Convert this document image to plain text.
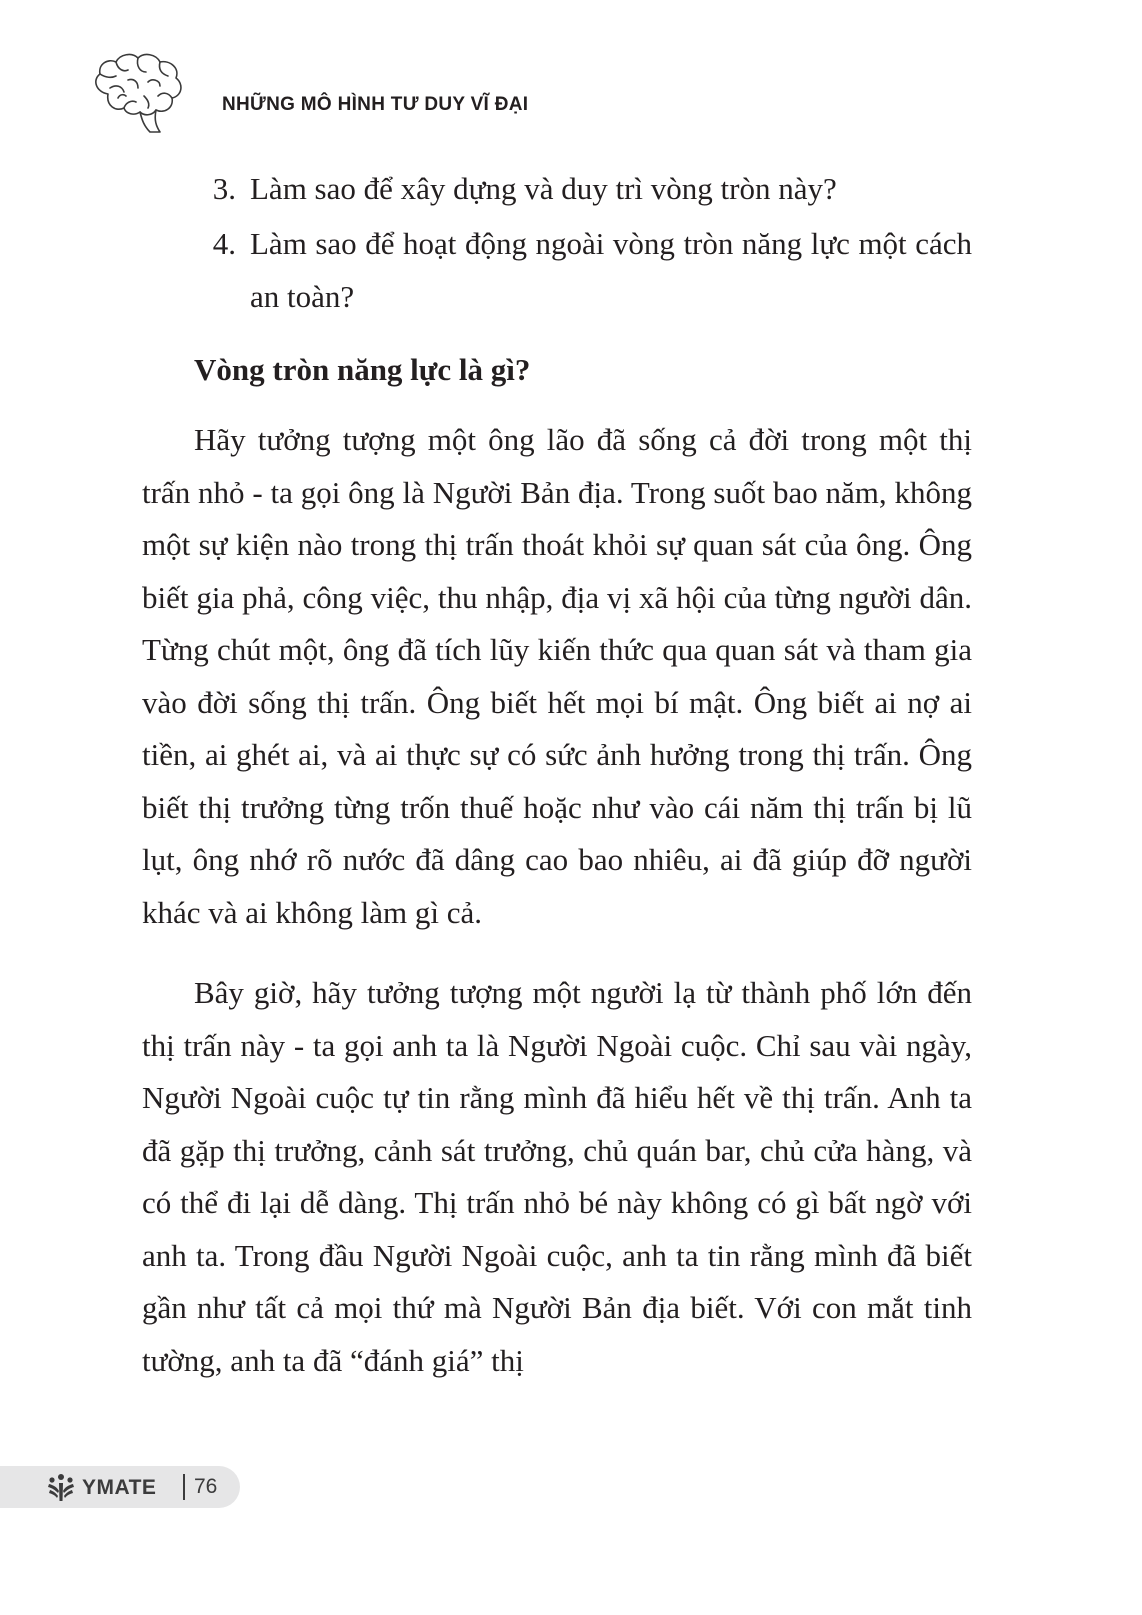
NHỮNG MÔ HÌNH TƯ DUY VĨ ĐẠI
3. Làm sao để xây dựng và duy trì vòng tròn này?
4. Làm sao để hoạt động ngoài vòng tròn năng lực một cách an toàn?
Vòng tròn năng lực là gì?

Hãy tưởng tượng một ông lão đã sống cả đời trong một thị trấn nhỏ - ta gọi ông là Người Bản địa. Trong suốt bao năm, không một sự kiện nào trong thị trấn thoát khỏi sự quan sát của ông. Ông biết gia phả, công việc, thu nhập, địa vị xã hội của từng người dân. Từng chút một, ông đã tích lũy kiến thức qua quan sát và tham gia vào đời sống thị trấn. Ông biết hết mọi bí mật. Ông biết ai nợ ai tiền, ai ghét ai, và ai thực sự có sức ảnh hưởng trong thị trấn. Ông biết thị trưởng từng trốn thuế hoặc như vào cái năm thị trấn bị lũ lụt, ông nhớ rõ nước đã dâng cao bao nhiêu, ai đã giúp đỡ người khác và ai không làm gì cả.

Bây giờ, hãy tưởng tượng một người lạ từ thành phố lớn đến thị trấn này - ta gọi anh ta là Người Ngoài cuộc. Chỉ sau vài ngày, Người Ngoài cuộc tự tin rằng mình đã hiểu hết về thị trấn. Anh ta đã gặp thị trưởng, cảnh sát trưởng, chủ quán bar, chủ cửa hàng, và có thể đi lại dễ dàng. Thị trấn nhỏ bé này không có gì bất ngờ với anh ta. Trong đầu Người Ngoài cuộc, anh ta tin rằng mình đã biết gần như tất cả mọi thứ mà Người Bản địa biết. Với con mắt tinh tường, anh ta đã “đánh giá” thị

YMATE 76
